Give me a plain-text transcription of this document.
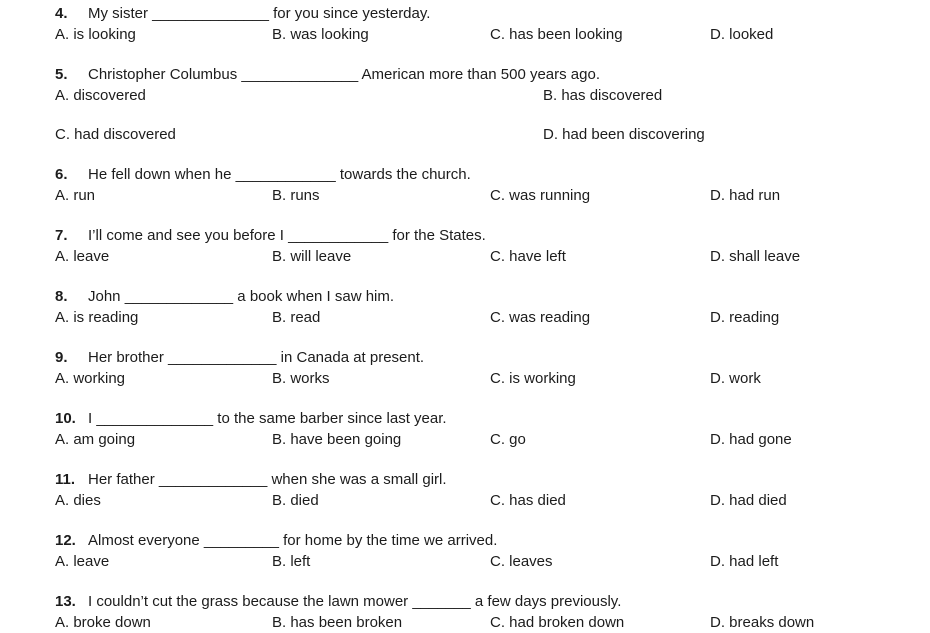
4.	My sister ______________ for you since yesterday.
A. is looking	B. was looking	C. has been looking	D. looked
5.	Christopher Columbus ______________ American more than 500 years ago.
A. discovered	B. has discovered
C. had discovered	D. had been discovering
6.	He fell down when he ____________ towards the church.
A. run	B. runs	C. was running	D. had run
7.	I’ll come and see you before I ____________ for the States.
A. leave	B. will leave	C. have left	D. shall leave
8.	John _____________ a book when I saw him.
A. is reading	B. read	C. was reading	D. reading
9.	Her brother _____________ in Canada at present.
A. working	B. works	C. is working	D. work
10. I ______________ to the same barber since last year.
A. am going	B. have been going	C. go	D. had gone
11. Her father _____________ when she was a small girl.
A. dies	B. died	C. has died	D. had died
12. Almost everyone _________ for home by the time we arrived.
A. leave	B. left	C. leaves	D. had left
13. I couldn’t cut the grass because the lawn mower _______ a few days previously.
A. broke down	B. has been broken	C. had broken down	D. breaks down
